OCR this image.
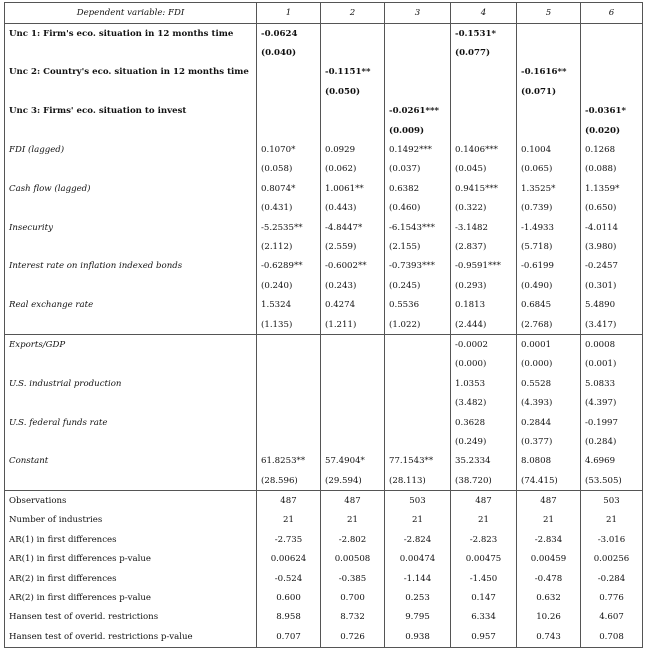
Dependent variable: FDI	1	2	3	4	5	6
Unc 1: Firm's eco. situation in 12 months time	-0.0624			-0.1531*		
	(0.040)			(0.077)		
Unc 2: Country's eco. situation in 12 months time		-0.1151**			-0.1616**	
		(0.050)			(0.071)	
Unc 3: Firms' eco. situation to invest			-0.0261***			-0.0361*
			(0.009)			(0.020)
FDI (lagged)	0.1070*	0.0929	0.1492***	0.1406***	0.1004	0.1268
	(0.058)	(0.062)	(0.037)	(0.045)	(0.065)	(0.088)
Cash flow (lagged)	0.8074*	1.0061**	0.6382	0.9415***	1.3525*	1.1359*
	(0.431)	(0.443)	(0.460)	(0.322)	(0.739)	(0.650)
Insecurity	-5.2535**	-4.8447*	-6.1543***	-3.1482	-1.4933	-4.0114
	(2.112)	(2.559)	(2.155)	(2.837)	(5.718)	(3.980)
Interest rate on inflation indexed bonds	-0.6289**	-0.6002**	-0.7393***	-0.9591***	-0.6199	-0.2457
	(0.240)	(0.243)	(0.245)	(0.293)	(0.490)	(0.301)
Real exchange rate	1.5324	0.4274	0.5536	0.1813	0.6845	5.4890
	(1.135)	(1.211)	(1.022)	(2.444)	(2.768)	(3.417)
Exports/GDP				-0.0002	0.0001	0.0008
				(0.000)	(0.000)	(0.001)
U.S. industrial production				1.0353	0.5528	5.0833
				(3.482)	(4.393)	(4.397)
U.S. federal funds rate				0.3628	0.2844	-0.1997
				(0.249)	(0.377)	(0.284)
Constant	61.8253**	57.4904*	77.1543**	35.2334	8.0808	4.6969
	(28.596)	(29.594)	(28.113)	(38.720)	(74.415)	(53.505)
Observations	487	487	503	487	487	503
Number of industries	21	21	21	21	21	21
AR(1) in first differences	-2.735	-2.802	-2.824	-2.823	-2.834	-3.016
AR(1) in first differences p-value	0.00624	0.00508	0.00474	0.00475	0.00459	0.00256
AR(2) in first differences	-0.524	-0.385	-1.144	-1.450	-0.478	-0.284
AR(2) in first differences p-value	0.600	0.700	0.253	0.147	0.632	0.776
Hansen test of overid. restrictions	8.958	8.732	9.795	6.334	10.26	4.607
Hansen test of overid. restrictions p-value	0.707	0.726	0.938	0.957	0.743	0.708
